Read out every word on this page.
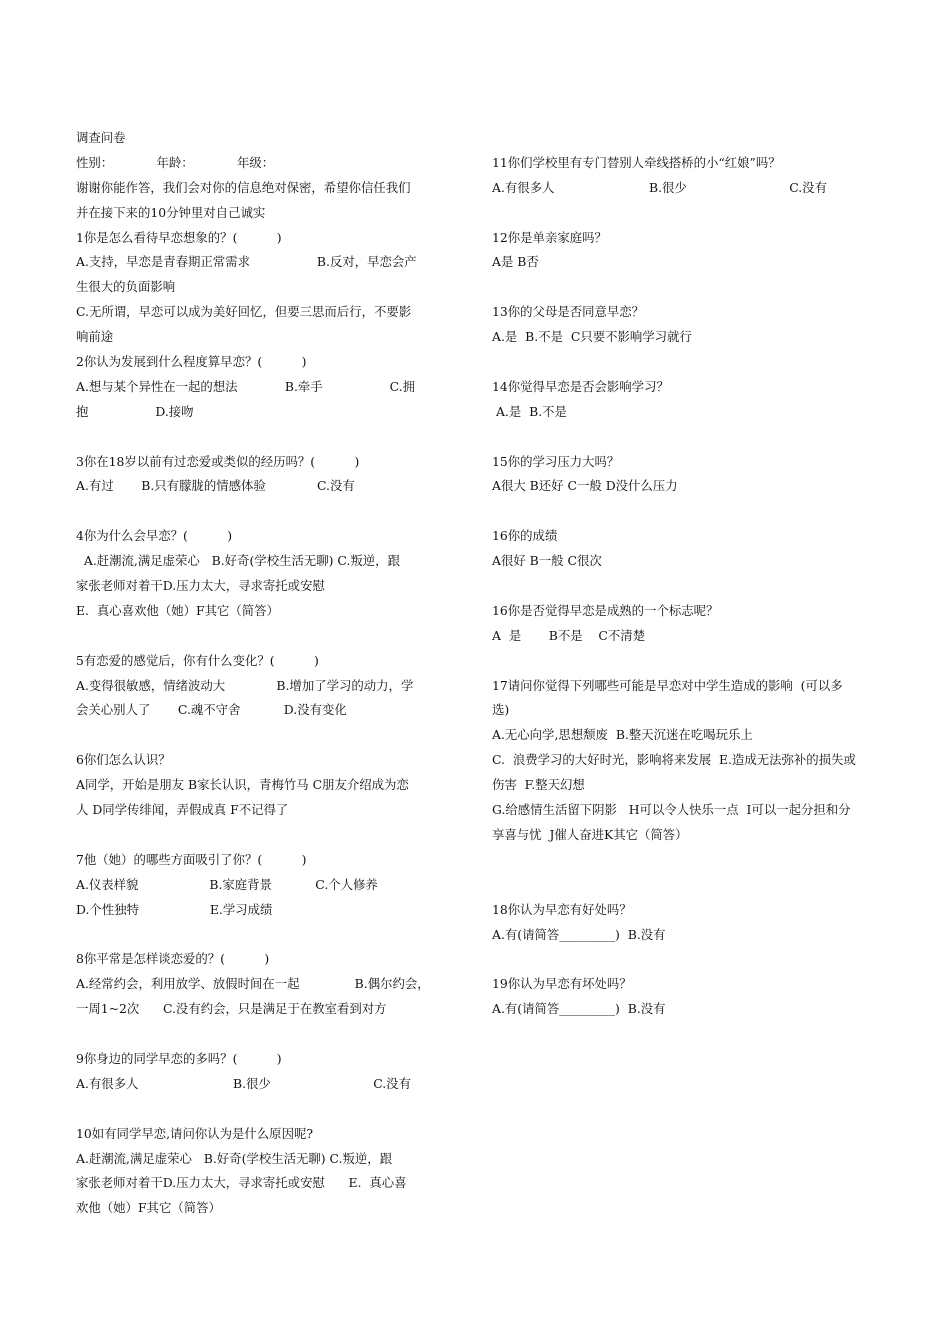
调查问卷
性别：           年龄：           年级：
谢谢你能作答，我们会对你的信息绝对保密，希望你信任我们
并在接下来的10分钟里对自己诚实
1你是怎么看待早恋想象的？(          )
A.支持，早恋是青春期正常需求                 B.反对，早恋会产
生很大的负面影响
C.无所谓，早恋可以成为美好回忆，但要三思而后行，不要影
响前途
2你认为发展到什么程度算早恋？(          )
A.想与某个异性在一起的想法            B.牵手                 C.拥
抱                 D.接吻
3你在18岁以前有过恋爱或类似的经历吗？(          )
A.有过       B.只有朦胧的情感体验             C.没有
4你为什么会早恋？(          )
A.赶潮流,满足虚荣心   B.好奇(学校生活无聊) C.叛逆，跟
家张老师对着干D.压力太大，寻求寄托或安慰
E.  真心喜欢他（她）F其它（简答）
5有恋爱的感觉后，你有什么变化？(          )
A.变得很敏感，情绪波动大             B.增加了学习的动力，学
会关心别人了       C.魂不守舍           D.没有变化
6你们怎么认识？
A同学，开始是朋友 B家长认识，青梅竹马 C朋友介绍成为恋
人 D同学传绯闻，弄假成真 F不记得了
7他（她）的哪些方面吸引了你？(          )
A.仪表样貌                  B.家庭背景           C.个人修养
D.个性独特                  E.学习成绩
8你平常是怎样谈恋爱的？(          )
A.经常约会，利用放学、放假时间在一起              B.偶尔约会，
一周1~2次      C.没有约会，只是满足于在教室看到对方
9你身边的同学早恋的多吗？(          )
A.有很多人                        B.很少                          C.没有
10如有同学早恋,请问你认为是什么原因呢?
A.赶潮流,满足虚荣心   B.好奇(学校生活无聊) C.叛逆，跟
家张老师对着干D.压力太大，寻求寄托或安慰      E.  真心喜
欢他（她）F其它（简答）
11你们学校里有专门替别人牵线搭桥的小“红娘”吗？
A.有很多人                        B.很少                          C.没有
12你是单亲家庭吗？
A是 B否
13你的父母是否同意早恋？
A.是  B.不是  C只要不影响学习就行
14你觉得早恋是否会影响学习？
A.是  B.不是
15你的学习压力大吗？
A很大 B还好 C一般 D没什么压力
16你的成绩
A很好 B一般 C很次
16你是否觉得早恋是成熟的一个标志呢？
A  是       B不是    C不清楚
17请问你觉得下列哪些可能是早恋对中学生造成的影响  (可以多
选)
A.无心向学,思想颓废  B.整天沉迷在吃喝玩乐上
C.  浪费学习的大好时光，影响将来发展  E.造成无法弥补的损失或
伤害  F.整天幻想
G.给感情生活留下阴影   H可以令人快乐一点  I可以一起分担和分
享喜与忧  J催人奋进K其它（简答）
18你认为早恋有好处吗？
A.有(请简答_________)  B.没有
19你认为早恋有坏处吗？
A.有(请简答_________)  B.没有
